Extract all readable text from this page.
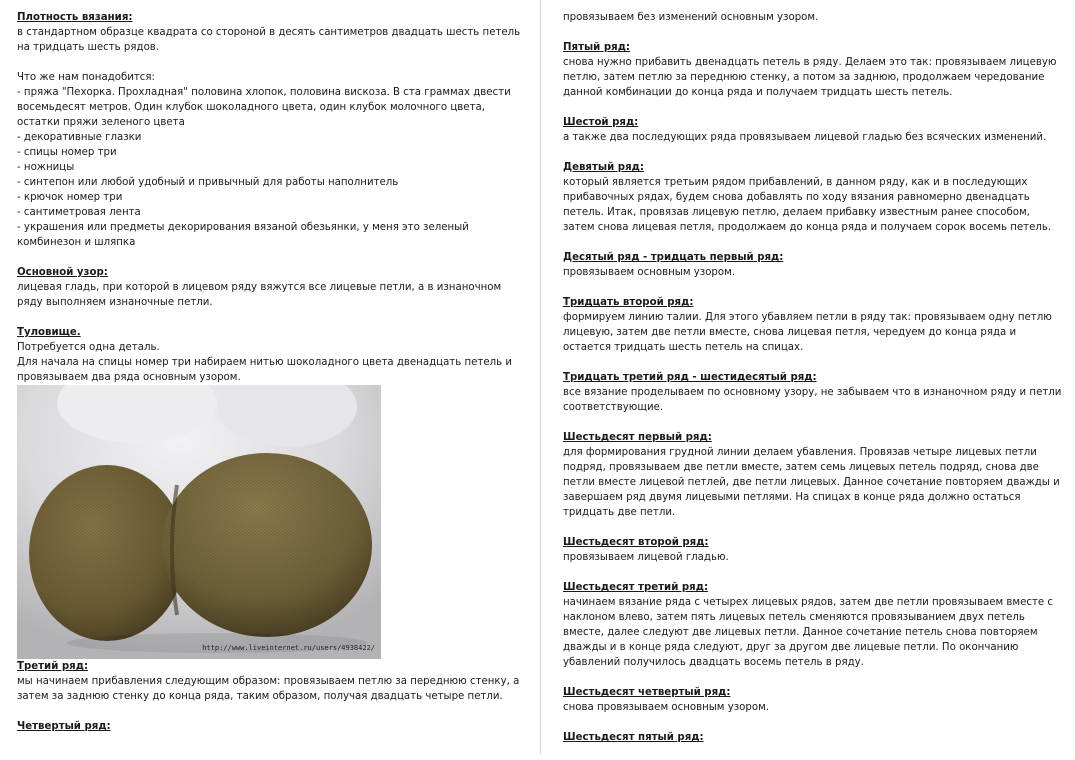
Плотность вязания:
в стандартном образце квадрата со стороной в десять сантиметров двадцать шесть петель на тридцать шесть рядов.
Что же нам понадобится:
- пряжа "Пехорка. Прохладная" половина хлопок, половина вискоза. В ста граммах двести восемьдесят метров. Один клубок шоколадного цвета, один клубок молочного цвета, остатки пряжи зеленого цвета
- декоративные глазки
- спицы номер три
- ножницы
- синтепон или любой удобный и привычный для работы наполнитель
- крючок номер три
- сантиметровая лента
- украшения или предметы декорирования вязаной обезьянки, у меня это зеленый комбинезон и шляпка
Основной узор:
лицевая гладь, при которой в лицевом ряду вяжутся все лицевые петли, а в изнаночном ряду выполняем изнаночные петли.
Туловище.
Потребуется одна деталь.
Для начала на спицы номер три набираем нитью шоколадного цвета двенадцать петель и провязываем два ряда основным узором.
http://www.liveinternet.ru/users/4938422/
Третий ряд:
мы начинаем прибавления следующим образом: провязываем петлю за переднюю стенку, а затем за заднюю стенку до конца ряда, таким образом, получая двадцать четыре петли.
Четвертый ряд:
провязываем без изменений основным узором.
Пятый ряд:
снова нужно прибавить двенадцать петель в ряду. Делаем это так: провязываем лицевую петлю, затем петлю за переднюю стенку, а потом за заднюю, продолжаем чередование данной комбинации до конца ряда и получаем тридцать шесть петель.
Шестой ряд:
а также два последующих ряда провязываем лицевой гладью без всяческих изменений.
Девятый ряд:
который является третьим рядом прибавлений, в данном ряду, как и в последующих прибавочных рядах, будем снова добавлять по ходу вязания равномерно двенадцать петель. Итак, провязав лицевую петлю, делаем прибавку известным ранее способом, затем снова лицевая петля, продолжаем до конца ряда и получаем сорок восемь петель.
Десятый ряд - тридцать первый ряд:
провязываем основным узором.
Тридцать второй ряд:
формируем линию талии. Для этого убавляем петли в ряду так: провязываем одну петлю лицевую, затем две петли вместе, снова лицевая петля, чередуем до конца ряда и остается тридцать шесть петель на спицах.
Тридцать третий ряд - шестидесятый ряд:
все вязание проделываем по основному узору, не забываем что в изнаночном ряду и петли соответствующие.
Шестьдесят первый ряд:
для формирования грудной линии делаем убавления. Провязав четыре лицевых петли подряд, провязываем две петли вместе, затем семь лицевых петель подряд, снова две петли вместе лицевой петлей, две петли лицевых. Данное сочетание повторяем дважды и завершаем ряд двумя лицевыми петлями. На спицах в конце ряда должно остаться тридцать две петли.
Шестьдесят второй ряд:
провязываем лицевой гладью.
Шестьдесят третий ряд:
начинаем вязание ряда с четырех лицевых рядов, затем две петли провязываем вместе с наклоном влево, затем пять лицевых петель сменяются провязыванием двух петель вместе, далее следуют две лицевых петли. Данное сочетание петель снова повторяем дважды и в конце ряда следуют, друг за другом две лицевые петли. По окончанию убавлений получилось двадцать восемь петель в ряду.
Шестьдесят четвертый ряд:
снова провязываем основным узором.
Шестьдесят пятый ряд:
